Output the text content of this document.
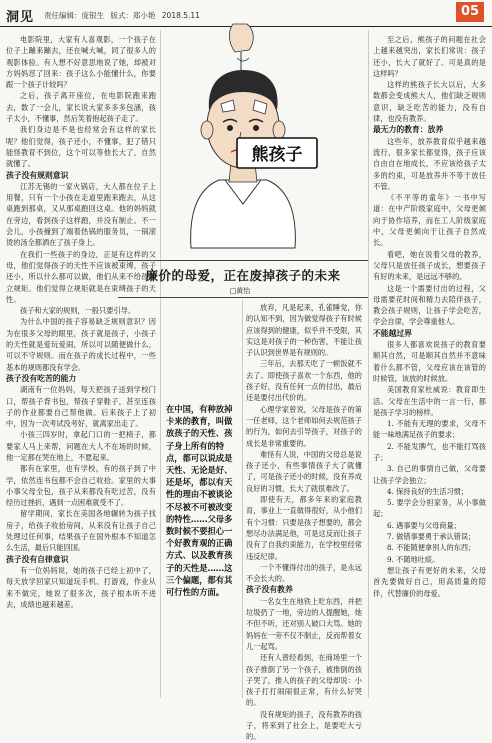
洞见 责任编辑：庞银生 版式：郑小艳 2018.5.11	05

电影院里，大家有人喜观影，一个孩子在位子上蹦来蹦去，还在喊大喊，同了很多人的观影体验。有人想不好意思地说了她，却被对方妈妈怼了回来：孩子这么小能懂什么，你要跟一个孩子计较吗？

之后，孩子离开座位，在电影院跑来跑去，数了一会儿，家长说大家多多多包涵，孩子太小，不懂事，然后笑着抱起孩子走了。

我们身边是不是也经常会有这样的家长呢？他们觉得，孩子还小，不懂事，犯了错只能怪教育不到位，这个可以等他长大了，自然就懂了。

孩子没有规则意识

江苏无锡的一家火锅店，大人都在位子上用餐，只有一个小孩在走道里跑来跑去，从这桌跑到那桌，又从那桌跑回这桌。他的妈妈就在旁边，看到孩子这样跑，并没有制止。不一会儿，小孩撞到了端着热锅的服务员，一锅滚烫的汤全都洒在了孩子身上。

在我们一些孩子的身边，正是有这样的父母，他们觉得孩子的天性不应该被束缚，孩子还小，所以什么都可以做，他们从来不给孩子立规矩。他们觉得立规矩就是在束缚孩子的天性。

孩子和大家的规则，一般只要引导。

为什么中国的孩子容易缺乏规则意识？因为在很多父母的眼里，孩子就是孩子，小孩子的天性就是爱玩爱闹，所以可以随便做什么，可以不守规则。而在孩子的成长过程中，一些基本的规则都没有学会。

孩子没有吃苦的能力

湖南有一位妈妈，每天把孩子送到学校门口，帮孩子背书包，帮孩子穿鞋子，甚至连孩子的作业都要自己帮他做。后来孩子上了初中，因为一次考试没考好，就离家出走了。

小孩三四岁时，拿起门口的一把椅子，都要家人马上来帮，问题在大人不在场的时候，他一定都在哭在地上，不愿起来。

都有在家里，也有学校，有的孩子到了中学，依然连书包都不会自己收拾。家里的大事小事父母全包，孩子从来都没有吃过苦，没有经历过挫折，遇到一点困难就受不了。

留学期间，家长在美国各地辗转为孩子找房子，给孩子收拾房间，从来没有让孩子自己处理过任何事，结果孩子在国外根本不知道怎么生活，最后只能回国。

孩子没有自律意识

有一位妈妈说，她的孩子已经上初中了，每天放学回家只知道玩手机、打游戏，作业从来不做完，她说了很多次，孩子根本听不进去，成绩也越来越差。

熊孩子
廉价的母爱，正在废掉孩子的未来
□黄怡
在中国，有种放掉卡来的教育，叫做放孩子的天性、孩子身上所有的特点，都可以说成是天性、无论是好、还是坏，都以有天性的理由不被谈论不尽被不可被改变的特性……父母多数时候不要担心一个好教育观的正确方式、以及教育孩子的天性是……这三个偏题，都有其可行性的方面。

放弃，凡是起来，孔雀睡觉，你的认知不到，因为做觉得孩子有时候应该得到的健康，似乎并不受限，其实这是对孩子的一种伤害，不能让孩子认识到世界是有规则的。

三年后，去那天吃了一顿饭就不去了。即使孩子喜欢一个东西，他的孩子好，没有任何一点的付出，最后还是要付出代价的。

心理学家曾说，父母是孩子的第一任老师，这个老师如何去规范孩子的行为，如何去引导孩子，对孩子的成长是非常重要的。

难怪有人说，中国的父母总是说孩子还小，有些事情孩子大了就懂了，可是孩子还小的时候，没有养成良好的习惯，长大了就很难改了。

即使有天，都多年来的家庭教育，事业上一直做得很好，从小他们有个习惯：只要是孩子想要的，都会想尽办法满足他，可是这反而让孩子没有了自我约束能力，在学校里经常违反纪律。

一个不懂得付出的孩子，是永远不会长大的。

孩子没有教养

一名女生在地铁上吃东西，并把垃圾扔了一地，旁边的人提醒她，她不但不听，还对别人破口大骂。她的妈妈在一旁不仅不制止，反而帮着女儿一起骂。

还有人曾经看到，在商场里一个孩子推倒了另一个孩子，被推倒的孩子哭了，推人的孩子的父母却说：小孩子打打闹闹很正常，有什么好哭的。

没有规矩的孩子，没有教养的孩子，将来到了社会上，是要吃大亏的。

至之后，熊孩子的问题在社会上越来越突出，家长们常说：孩子还小，长大了就好了。可是真的是这样吗？

这样的熊孩子长大以后，大多数都会变成熊大人，他们缺乏规则意识，缺乏吃苦的能力，没有自律，也没有教养。

最无力的教育：放养

这些年，放养教育似乎越来越流行，很多家长都觉得，孩子应该自由自在地成长，不应该给孩子太多的约束，可是放养并不等于放任不管。

《不平等的童年》一书中写道：在中产阶级家庭中，父母更倾向于协作培养，而在工人阶级家庭中，父母更倾向于让孩子自然成长。

看吧，她在说着父母的教养，父母只是放任孩子成长，想要孩子有好的未来，是远远不够的。

这是一个需要付出的过程，父母需要花时间和精力去陪伴孩子，教会孩子规则，让孩子学会吃苦，学会自律，学会尊重他人。

不能越过界

很多人都喜欢说孩子的教育要顺其自然，可是顺其自然并不意味着什么都不管，父母应该在该管的时候管，该放的时候放。

美国教育家杜威说：教育即生活。父母在生活中的一言一行，都是孩子学习的榜样。

1. 不能有无理的要求，父母不能一味地满足孩子的要求；

2. 不能发脾气，也不能打骂孩子；

3. 自己的事情自己做，父母要让孩子学会独立；

4. 保持良好的生活习惯；

5. 要学会分担家务，从小事做起；

6. 遇事要与父母商量；

7. 做错事要勇于承认错误；

8. 不能随便拿别人的东西；

9. 不随地吐痰。

想让孩子有更好的未来，父母首先要做好自己，用高质量的陪伴，代替廉价的母爱。
